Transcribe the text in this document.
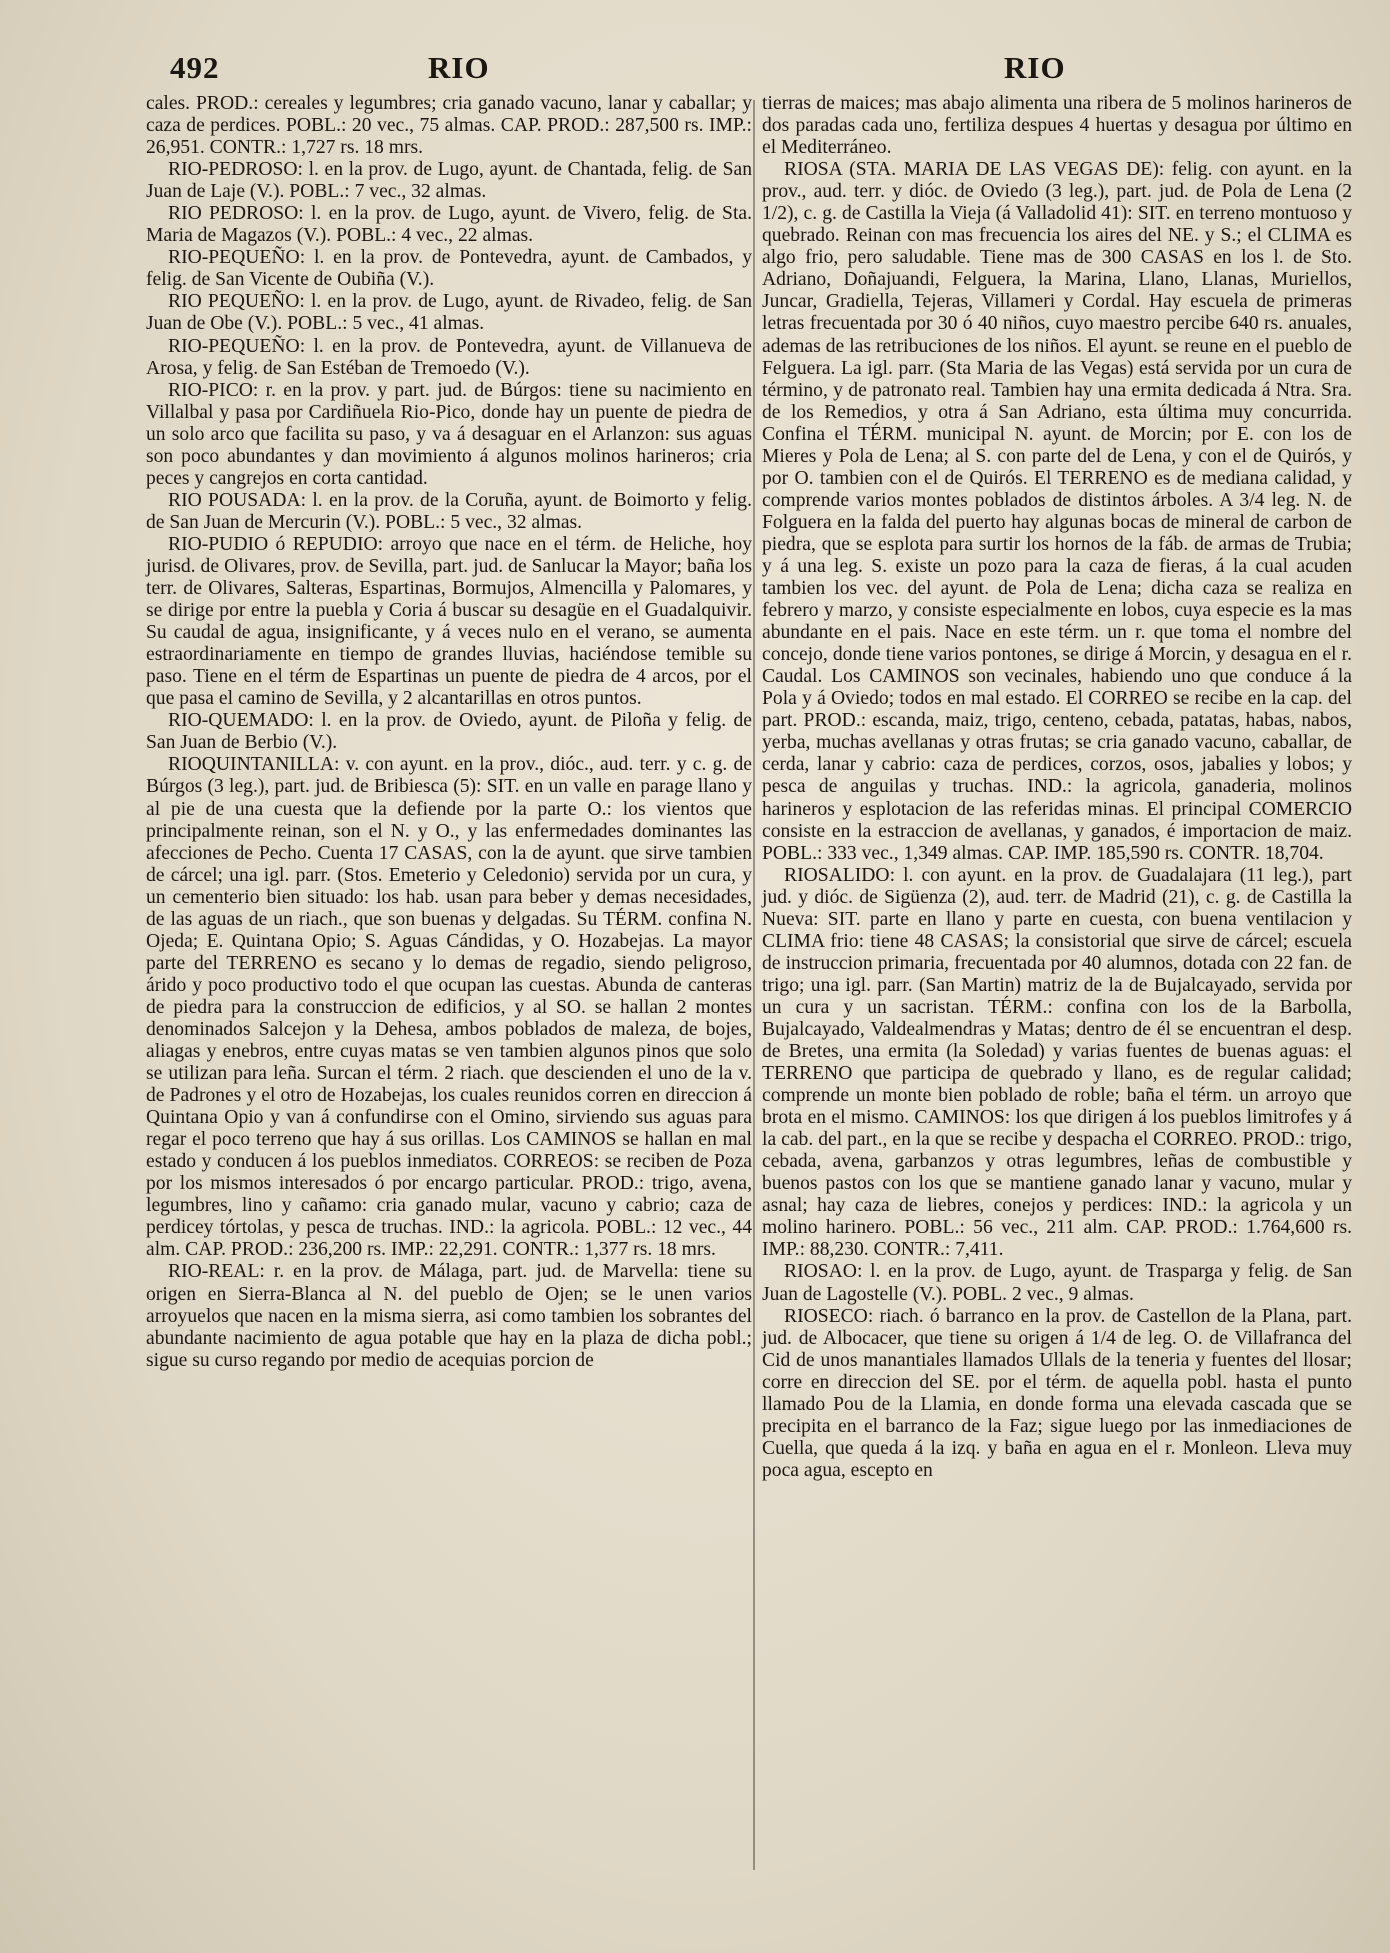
492	RIO	RIO

cales. PROD.: cereales y legumbres; cria ganado vacuno, lanar y caballar; y caza de perdices. POBL.: 20 vec., 75 almas. CAP. PROD.: 287,500 rs. IMP.: 26,951. CONTR.: 1,727 rs. 18 mrs.

RIO-PEDROSO: l. en la prov. de Lugo, ayunt. de Chantada, felig. de San Juan de Laje (V.). POBL.: 7 vec., 32 almas.

RIO PEDROSO: l. en la prov. de Lugo, ayunt. de Vivero, felig. de Sta. Maria de Magazos (V.). POBL.: 4 vec., 22 almas.

RIO-PEQUEÑO: l. en la prov. de Pontevedra, ayunt. de Cambados, y felig. de San Vicente de Oubiña (V.).

RIO PEQUEÑO: l. en la prov. de Lugo, ayunt. de Rivadeo, felig. de San Juan de Obe (V.). POBL.: 5 vec., 41 almas.

RIO-PEQUEÑO: l. en la prov. de Pontevedra, ayunt. de Villanueva de Arosa, y felig. de San Estéban de Tremoedo (V.).

RIO-PICO: r. en la prov. y part. jud. de Búrgos: tiene su nacimiento en Villalbal y pasa por Cardiñuela Rio-Pico, donde hay un puente de piedra de un solo arco que facilita su paso, y va á desaguar en el Arlanzon: sus aguas son poco abundantes y dan movimiento á algunos molinos harineros; cria peces y cangrejos en corta cantidad.

RIO POUSADA: l. en la prov. de la Coruña, ayunt. de Boimorto y felig. de San Juan de Mercurin (V.). POBL.: 5 vec., 32 almas.

RIO-PUDIO ó REPUDIO: arroyo que nace en el térm. de Heliche, hoy jurisd. de Olivares, prov. de Sevilla, part. jud. de Sanlucar la Mayor; baña los terr. de Olivares, Salteras, Espartinas, Bormujos, Almencilla y Palomares, y se dirige por entre la puebla y Coria á buscar su desagüe en el Guadalquivir. Su caudal de agua, insignificante, y á veces nulo en el verano, se aumenta estraordinariamente en tiempo de grandes lluvias, haciéndose temible su paso. Tiene en el térm de Espartinas un puente de piedra de 4 arcos, por el que pasa el camino de Sevilla, y 2 alcantarillas en otros puntos.

RIO-QUEMADO: l. en la prov. de Oviedo, ayunt. de Piloña y felig. de San Juan de Berbio (V.).

RIOQUINTANILLA: v. con ayunt. en la prov., dióc., aud. terr. y c. g. de Búrgos (3 leg.), part. jud. de Bribiesca (5): SIT. en un valle en parage llano y al pie de una cuesta que la defiende por la parte O.: los vientos que principalmente reinan, son el N. y O., y las enfermedades dominantes las afecciones de Pecho. Cuenta 17 CASAS, con la de ayunt. que sirve tambien de cárcel; una igl. parr. (Stos. Emeterio y Celedonio) servida por un cura, y un cementerio bien situado: los hab. usan para beber y demas necesidades, de las aguas de un riach., que son buenas y delgadas. Su TÉRM. confina N. Ojeda; E. Quintana Opio; S. Aguas Cándidas, y O. Hozabejas. La mayor parte del TERRENO es secano y lo demas de regadio, siendo peligroso, árido y poco productivo todo el que ocupan las cuestas. Abunda de canteras de piedra para la construccion de edificios, y al SO. se hallan 2 montes denominados Salcejon y la Dehesa, ambos poblados de maleza, de bojes, aliagas y enebros, entre cuyas matas se ven tambien algunos pinos que solo se utilizan para leña. Surcan el térm. 2 riach. que descienden el uno de la v. de Padrones y el otro de Hozabejas, los cuales reunidos corren en direccion á Quintana Opio y van á confundirse con el Omino, sirviendo sus aguas para regar el poco terreno que hay á sus orillas. Los CAMINOS se hallan en mal estado y conducen á los pueblos inmediatos. CORREOS: se reciben de Poza por los mismos interesados ó por encargo particular. PROD.: trigo, avena, legumbres, lino y cañamo: cria ganado mular, vacuno y cabrio; caza de perdicey tórtolas, y pesca de truchas. IND.: la agricola. POBL.: 12 vec., 44 alm. CAP. PROD.: 236,200 rs. IMP.: 22,291. CONTR.: 1,377 rs. 18 mrs.

RIO-REAL: r. en la prov. de Málaga, part. jud. de Marvella: tiene su origen en Sierra-Blanca al N. del pueblo de Ojen; se le unen varios arroyuelos que nacen en la misma sierra, asi como tambien los sobrantes del abundante nacimiento de agua potable que hay en la plaza de dicha pobl.; sigue su curso regando por medio de acequias porcion de

tierras de maices; mas abajo alimenta una ribera de 5 molinos harineros de dos paradas cada uno, fertiliza despues 4 huertas y desagua por último en el Mediterráneo.

RIOSA (STA. MARIA DE LAS VEGAS DE): felig. con ayunt. en la prov., aud. terr. y dióc. de Oviedo (3 leg.), part. jud. de Pola de Lena (2 1/2), c. g. de Castilla la Vieja (á Valladolid 41): SIT. en terreno montuoso y quebrado. Reinan con mas frecuencia los aires del NE. y S.; el CLIMA es algo frio, pero saludable. Tiene mas de 300 CASAS en los l. de Sto. Adriano, Doñajuandi, Felguera, la Marina, Llano, Llanas, Muriellos, Juncar, Gradiella, Tejeras, Villameri y Cordal. Hay escuela de primeras letras frecuentada por 30 ó 40 niños, cuyo maestro percibe 640 rs. anuales, ademas de las retribuciones de los niños. El ayunt. se reune en el pueblo de Felguera. La igl. parr. (Sta Maria de las Vegas) está servida por un cura de término, y de patronato real. Tambien hay una ermita dedicada á Ntra. Sra. de los Remedios, y otra á San Adriano, esta última muy concurrida. Confina el TÉRM. municipal N. ayunt. de Morcin; por E. con los de Mieres y Pola de Lena; al S. con parte del de Lena, y con el de Quirós, y por O. tambien con el de Quirós. El TERRENO es de mediana calidad, y comprende varios montes poblados de distintos árboles. A 3/4 leg. N. de Folguera en la falda del puerto hay algunas bocas de mineral de carbon de piedra, que se esplota para surtir los hornos de la fáb. de armas de Trubia; y á una leg. S. existe un pozo para la caza de fieras, á la cual acuden tambien los vec. del ayunt. de Pola de Lena; dicha caza se realiza en febrero y marzo, y consiste especialmente en lobos, cuya especie es la mas abundante en el pais. Nace en este térm. un r. que toma el nombre del concejo, donde tiene varios pontones, se dirige á Morcin, y desagua en el r. Caudal. Los CAMINOS son vecinales, habiendo uno que conduce á la Pola y á Oviedo; todos en mal estado. El CORREO se recibe en la cap. del part. PROD.: escanda, maiz, trigo, centeno, cebada, patatas, habas, nabos, yerba, muchas avellanas y otras frutas; se cria ganado vacuno, caballar, de cerda, lanar y cabrio: caza de perdices, corzos, osos, jabalies y lobos; y pesca de anguilas y truchas. IND.: la agricola, ganaderia, molinos harineros y esplotacion de las referidas minas. El principal COMERCIO consiste en la estraccion de avellanas, y ganados, é importacion de maiz. POBL.: 333 vec., 1,349 almas. CAP. IMP. 185,590 rs. CONTR. 18,704.

RIOSALIDO: l. con ayunt. en la prov. de Guadalajara (11 leg.), part jud. y dióc. de Sigüenza (2), aud. terr. de Madrid (21), c. g. de Castilla la Nueva: SIT. parte en llano y parte en cuesta, con buena ventilacion y CLIMA frio: tiene 48 CASAS; la consistorial que sirve de cárcel; escuela de instruccion primaria, frecuentada por 40 alumnos, dotada con 22 fan. de trigo; una igl. parr. (San Martin) matriz de la de Bujalcayado, servida por un cura y un sacristan. TÉRM.: confina con los de la Barbolla, Bujalcayado, Valdealmendras y Matas; dentro de él se encuentran el desp. de Bretes, una ermita (la Soledad) y varias fuentes de buenas aguas: el TERRENO que participa de quebrado y llano, es de regular calidad; comprende un monte bien poblado de roble; baña el térm. un arroyo que brota en el mismo. CAMINOS: los que dirigen á los pueblos limitrofes y á la cab. del part., en la que se recibe y despacha el CORREO. PROD.: trigo, cebada, avena, garbanzos y otras legumbres, leñas de combustible y buenos pastos con los que se mantiene ganado lanar y vacuno, mular y asnal; hay caza de liebres, conejos y perdices: IND.: la agricola y un molino harinero. POBL.: 56 vec., 211 alm. CAP. PROD.: 1.764,600 rs. IMP.: 88,230. CONTR.: 7,411.

RIOSAO: l. en la prov. de Lugo, ayunt. de Trasparga y felig. de San Juan de Lagostelle (V.). POBL. 2 vec., 9 almas.

RIOSECO: riach. ó barranco en la prov. de Castellon de la Plana, part. jud. de Albocacer, que tiene su origen á 1/4 de leg. O. de Villafranca del Cid de unos manantiales llamados Ullals de la teneria y fuentes del llosar; corre en direccion del SE. por el térm. de aquella pobl. hasta el punto llamado Pou de la Llamia, en donde forma una elevada cascada que se precipita en el barranco de la Faz; sigue luego por las inmediaciones de Cuella, que queda á la izq. y baña en agua en el r. Monleon. Lleva muy poca agua, escepto en
